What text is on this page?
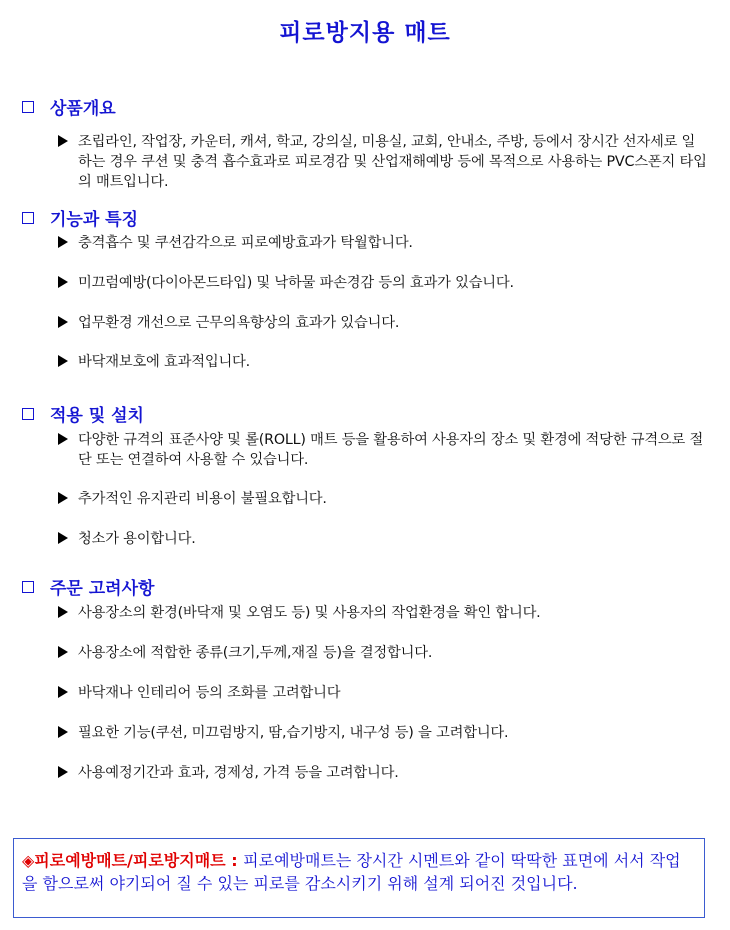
피로방지용 매트
상품개요
조립라인, 작업장, 카운터, 캐셔, 학교, 강의실, 미용실, 교회, 안내소, 주방, 등에서 장시간 선자세로 일하는 경우 쿠션 및 충격 흡수효과로 피로경감 및 산업재해예방 등에 목적으로 사용하는 PVC스폰지 타입의 매트입니다.
기능과 특징
충격흡수 및 쿠션감각으로 피로예방효과가 탁월합니다.
미끄럼예방(다이아몬드타입) 및 낙하물 파손경감 등의 효과가 있습니다.
업무환경 개선으로 근무의욕향상의 효과가 있습니다.
바닥재보호에 효과적입니다.
적용 및 설치
다양한 규격의 표준사양 및 롤(ROLL) 매트 등을 활용하여 사용자의 장소 및 환경에 적당한 규격으로 절단 또는 연결하여 사용할 수 있습니다.
추가적인 유지관리 비용이 불필요합니다.
청소가 용이합니다.
주문 고려사항
사용장소의 환경(바닥재 및 오염도 등) 및 사용자의 작업환경을 확인 합니다.
사용장소에 적합한 종류(크기,두께,재질 등)을 결정합니다.
바닥재나 인테리어 등의 조화를 고려합니다
필요한 기능(쿠션, 미끄럼방지, 땀,습기방지, 내구성 등) 을 고려합니다.
사용예정기간과 효과, 경제성, 가격 등을 고려합니다.
◈피로예방매트/피로방지매트 : 피로예방매트는 장시간 시멘트와 같이 딱딱한 표면에 서서 작업을 함으로써 야기되어 질 수 있는 피로를 감소시키기 위해 설계 되어진 것입니다.
